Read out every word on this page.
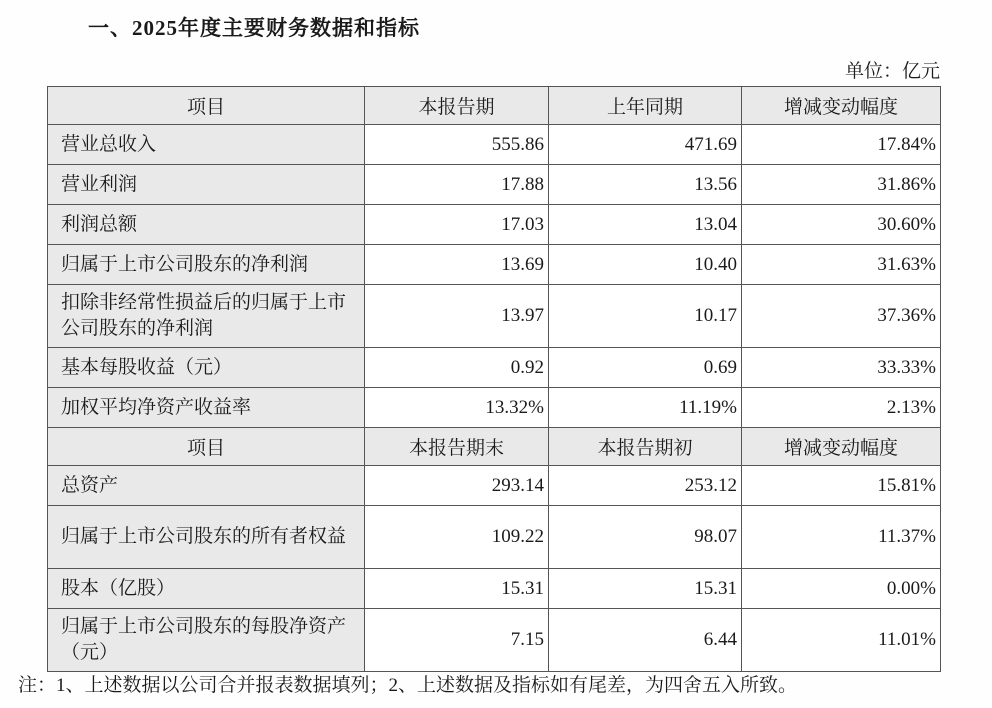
一、2025年度主要财务数据和指标
单位：亿元
项目	本报告期	上年同期	增减变动幅度
营业总收入	555.86	471.69	17.84%
营业利润	17.88	13.56	31.86%
利润总额	17.03	13.04	30.60%
归属于上市公司股东的净利润	13.69	10.40	31.63%
扣除非经常性损益后的归属于上市公司股东的净利润	13.97	10.17	37.36%
基本每股收益（元）	0.92	0.69	33.33%
加权平均净资产收益率	13.32%	11.19%	2.13%
项目	本报告期末	本报告期初	增减变动幅度
总资产	293.14	253.12	15.81%
归属于上市公司股东的所有者权益	109.22	98.07	11.37%
股本（亿股）	15.31	15.31	0.00%
归属于上市公司股东的每股净资产（元）	7.15	6.44	11.01%

注：1、上述数据以公司合并报表数据填列；2、上述数据及指标如有尾差，为四舍五入所致。
